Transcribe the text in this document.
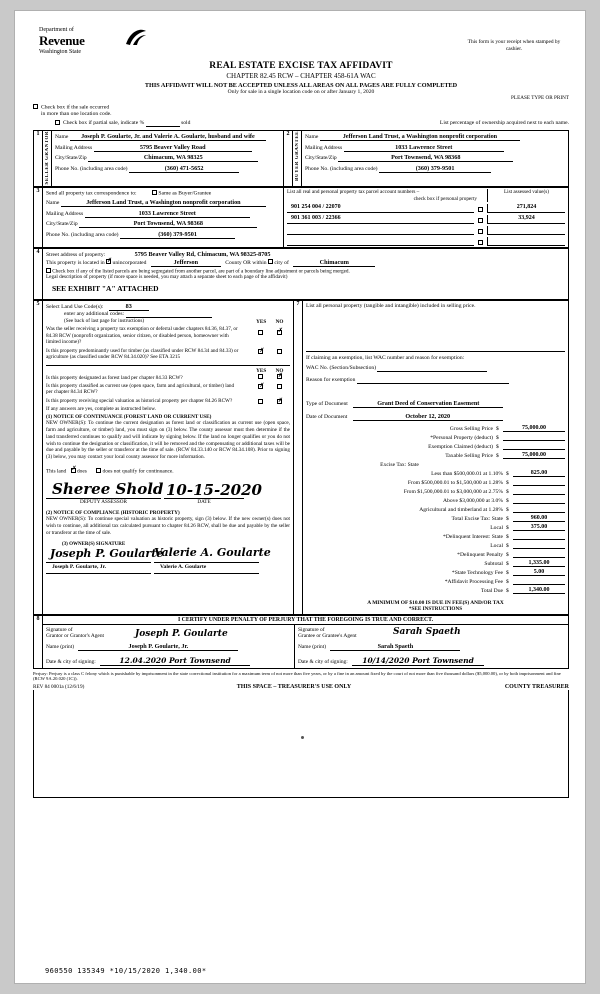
Department of
Revenue
Washington State
This form is your receipt when stamped by cashier.
REAL ESTATE EXCISE TAX AFFIDAVIT
CHAPTER 82.45 RCW – CHAPTER 458-61A WAC
THIS AFFIDAVIT WILL NOT BE ACCEPTED UNLESS ALL AREAS ON ALL PAGES ARE FULLY COMPLETED
Only for sale in a single location code on or after January 1, 2020
PLEASE TYPE OR PRINT
Check box if the sale occurred
in more than one location code.
Check box if partial sale, indicate %	sold	List percentage of ownership acquired next to each name.
1	SELLER GRANTOR	Name Joseph P. Goularte, Jr. and Valerie A. Goularte, husband and wife
Mailing Address	5795 Beaver Valley Road
City/State/Zip	Chimacum, WA 98325
Phone No. (including area code)	(360) 471-5652
	2	BUYER GRANTEE	Name	Jefferson Land Trust, a Washington nonprofit corporation
Mailing Address	1033 Lawrence Street
City/State/Zip	Port Townsend, WA 98368
Phone No. (including area code)	(360) 379-9501
3	Send all property tax correspondence to:	Same as Buyer/Grantee
Name	Jefferson Land Trust, a Washington nonprofit corporation
Mailing Address	1033 Lawrence Street
City/State/Zip	Port Townsend, WA 98368
Phone No. (including area code)	(360) 379-9501

List all real and personal property tax parcel account numbers –
check box if personal property
List assessed value(s)
901 254 004 / 22070	271,824
901 361 003 / 22366	33,924

4	Street address of property:	5795 Beaver Valley Rd, Chimacum, WA 98325-8705
This property is located in ✗ unincorporated	Jefferson	County OR within city of	Chimacum
Check box if any of the listed parcels are being segregated from another parcel, are part of a boundary line adjustment or parcels being merged.
Legal description of property (if more space is needed, you may attach a separate sheet to each page of the affidavit)
SEE EXHIBIT "A" ATTACHED
5	Select Land Use Code(s):	83
enter any additional codes:
(See back of last page for instructions)	YES NO
Was the seller receiving a property tax exemption or deferral under chapters 84.36, 84.37, or 84.38 RCW (nonprofit organization, senior citizen, or disabled person, homeowner with limited income)?
✗
Is this property predominantly used for timber (as classified under RCW 84.34 and 84.33) or agriculture (as classified under RCW 84.34.020)? See ETA 3215
✗
YES NO
Is this property designated as forest land per chapter 84.33 RCW?
✗
Is this property classified as current use (open space, farm and agricultural, or timber) land per chapter 84.34 RCW?
✗
Is this property receiving special valuation as historical property per chapter 84.26 RCW?
✗
If any answers are yes, complete as instructed below.
(1) NOTICE OF CONTINUANCE (FOREST LAND OR CURRENT USE)
NEW OWNER(S): To continue the current designation as forest land or classification as current use (open space, farm and agriculture, or timber) land, you must sign on (3) below. The county assessor must then determine if the land transferred continues to qualify and will indicate by signing below. If the land no longer qualifies or you do not wish to continue the designation or classification, it will be removed and the compensating or additional taxes will be due and payable by the seller or transferor at the time of sale. (RCW 84.33.140 or RCW 84.34.108). Prior to signing (3) below, you may contact your local county assessor for more information.
This land ✗ does	does not qualify for continuance.
Sheree Shold 10-15-2020
DEPUTY ASSESSOR	DATE
(2) NOTICE OF COMPLIANCE (HISTORIC PROPERTY)
NEW OWNER(S): To continue special valuation as historic property, sign (3) below. If the new owner(s) does not wish to continue, all additional tax calculated pursuant to chapter 84.26 RCW, shall be due and payable by the seller or transferor at the time of sale.
(3) OWNER(S) SIGNATURE
Joseph P. Goularte
Valerie A. Goularte
Joseph P. Goularte, Jr.	Valerie A. Goularte
	7	List all personal property (tangible and intangible) included in selling price.
If claiming an exemption, list WAC number and reason for exemption:
WAC No. (Section/Subsection)
Reason for exemption
Type of Document	Grant Deed of Conservation Easement
Date of Document	October 12, 2020
Gross Selling Price $	75,000.00
*Personal Property (deduct) $

Exemption Claimed (deduct) $

Taxable Selling Price $	75,000.00
Excise Tax: State
Less than $500,000.01 at 1.10% $	825.00
From $500,000.01 to $1,500,000 at 1.28% $

From $1,500,000.01 to $3,000,000 at 2.75% $

Above $3,000,000 at 3.0% $

Agricultural and timberland at 1.28% $

Total Excise Tax: State $	960.00
Local $	375.00
*Delinquent Interest: State $

Local $

*Delinquent Penalty $

Subtotal $	1,335.00
*State Technology Fee $	5.00
*Affidavit Processing Fee $

Total Due $	1,340.00
A MINIMUM OF $10.00 IS DUE IN FEE(S) AND/OR TAX
*SEE INSTRUCTIONS
8	I CERTIFY UNDER PENALTY OF PERJURY THAT THE FOREGOING IS TRUE AND CORRECT.
Signature of
Grantor or Grantor's Agent	Joseph P. Goularte
Name (print)	Joseph P. Goularte, Jr.
Date & city of signing:	12.04.2020 Port Townsend
Signature of
Grantee or Grantee's Agent	Sarah Spaeth
Name (print)	Sarah Spaeth
Date & city of signing: 10/14/2020 Port Townsend
Perjury: Perjury is a class C felony which is punishable by imprisonment in the state correctional institution for a maximum term of not more than five years, or by a fine in an amount fixed by the court of not more than five thousand dollars ($5,000.00), or by both imprisonment and fine (RCW 9A.20.020 (1C)).
REV 84 0001a (12/6/19)	THIS SPACE – TREASURER'S USE ONLY	COUNTY TREASURER
960550 135349 *10/15/2020 1,340.00*
